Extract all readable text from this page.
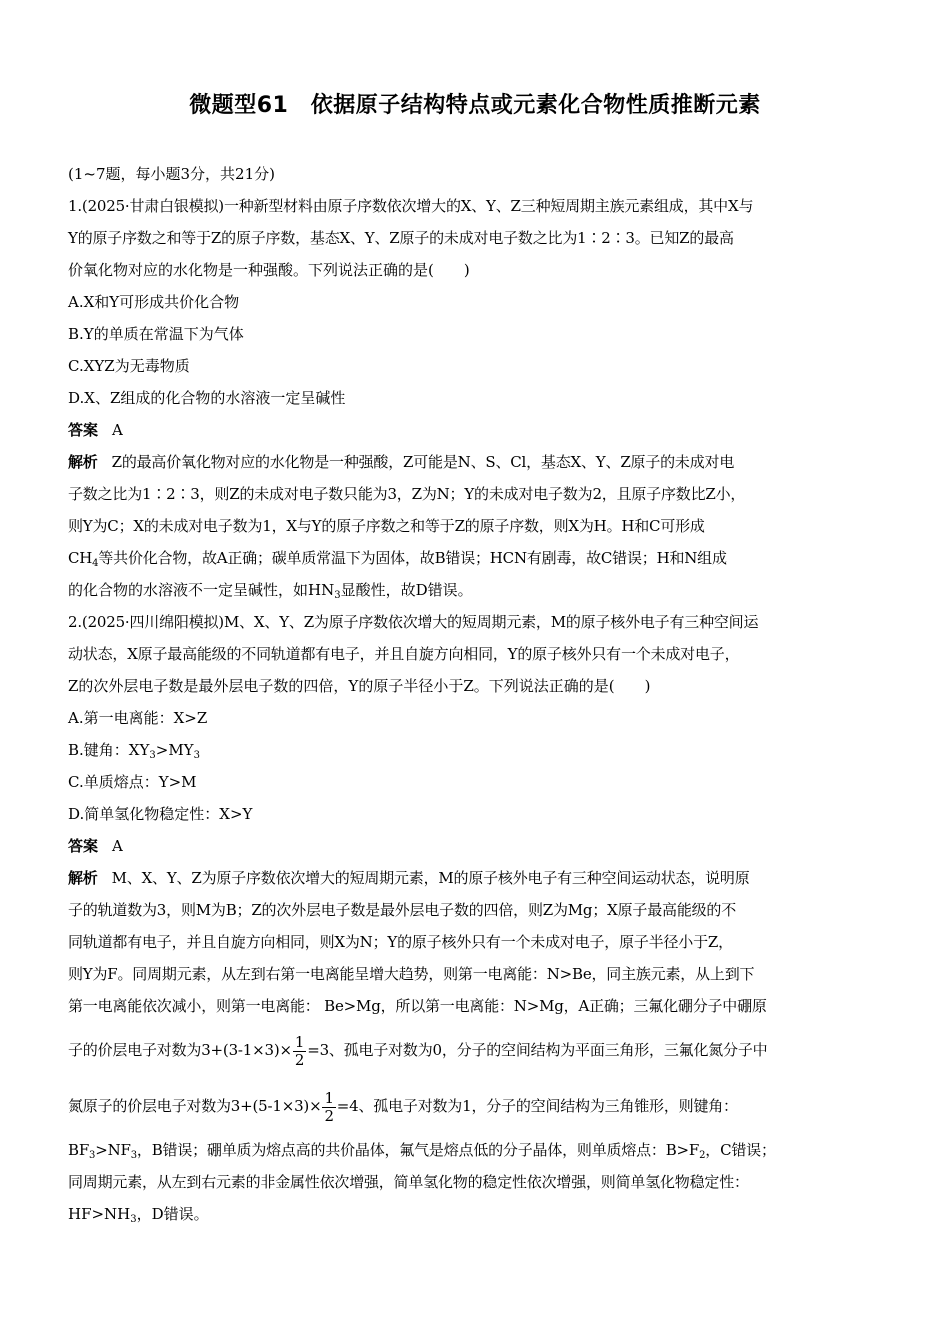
微题型61　依据原子结构特点或元素化合物性质推断元素
(1~7题，每小题3分，共21分)
1.(2025·甘肃白银模拟)一种新型材料由原子序数依次增大的X、Y、Z三种短周期主族元素组成，其中X与
Y的原子序数之和等于Z的原子序数，基态X、Y、Z原子的未成对电子数之比为1∶2∶3。已知Z的最高
价氧化物对应的水化物是一种强酸。下列说法正确的是(　　)
A.X和Y可形成共价化合物
B.Y的单质在常温下为气体
C.XYZ为无毒物质
D.X、Z组成的化合物的水溶液一定呈碱性
答案 A
解析 Z的最高价氧化物对应的水化物是一种强酸，Z可能是N、S、Cl，基态X、Y、Z原子的未成对电
子数之比为1∶2∶3，则Z的未成对电子数只能为3，Z为N；Y的未成对电子数为2，且原子序数比Z小，
则Y为C；X的未成对电子数为1，X与Y的原子序数之和等于Z的原子序数，则X为H。H和C可形成
$CH_4$等共价化合物，故A正确；碳单质常温下为固体，故B错误；HCN有剧毒，故C错误；H和N组成
的化合物的水溶液不一定呈碱性，如$HN_3$显酸性，故D错误。
2.(2025·四川绵阳模拟)M、X、Y、Z为原子序数依次增大的短周期元素，M的原子核外电子有三种空间运
动状态，X原子最高能级的不同轨道都有电子，并且自旋方向相同，Y的原子核外只有一个未成对电子，
Z的次外层电子数是最外层电子数的四倍，Y的原子半径小于Z。下列说法正确的是(　　)
A.第一电离能：X>Z
B.键角：$XY_3>MY_3$
C.单质熔点：Y>M
D.简单氢化物稳定性：X>Y
答案 A
解析 M、X、Y、Z为原子序数依次增大的短周期元素，M的原子核外电子有三种空间运动状态，说明原
子的轨道数为3，则M为B；Z的次外层电子数是最外层电子数的四倍，则Z为Mg；X原子最高能级的不
同轨道都有电子，并且自旋方向相同，则X为N；Y的原子核外只有一个未成对电子，原子半径小于Z，
则Y为F。同周期元素，从左到右第一电离能呈增大趋势，则第一电离能：N>Be，同主族元素，从上到下
第一电离能依次减小，则第一电离能： Be>Mg，所以第一电离能：N>Mg，A正确；三氟化硼分子中硼原
子的价层电子对数为$3+(3-1\times 3)\times \frac{1}{2} =3$、孤电子对数为0，分子的空间结构为平面三角形，三氟化氮分子中
氮原子的价层电子对数为$3+(5-1\times 3)\times \frac{1}{2} =4$、孤电子对数为1，分子的空间结构为三角锥形，则键角：
$BF_3>NF_3$，B错误；硼单质为熔点高的共价晶体，氟气是熔点低的分子晶体，则单质熔点：$B>F_2$，C错误；
同周期元素，从左到右元素的非金属性依次增强，简单氢化物的稳定性依次增强，则简单氢化物稳定性：
$HF>NH_3$，D错误。
